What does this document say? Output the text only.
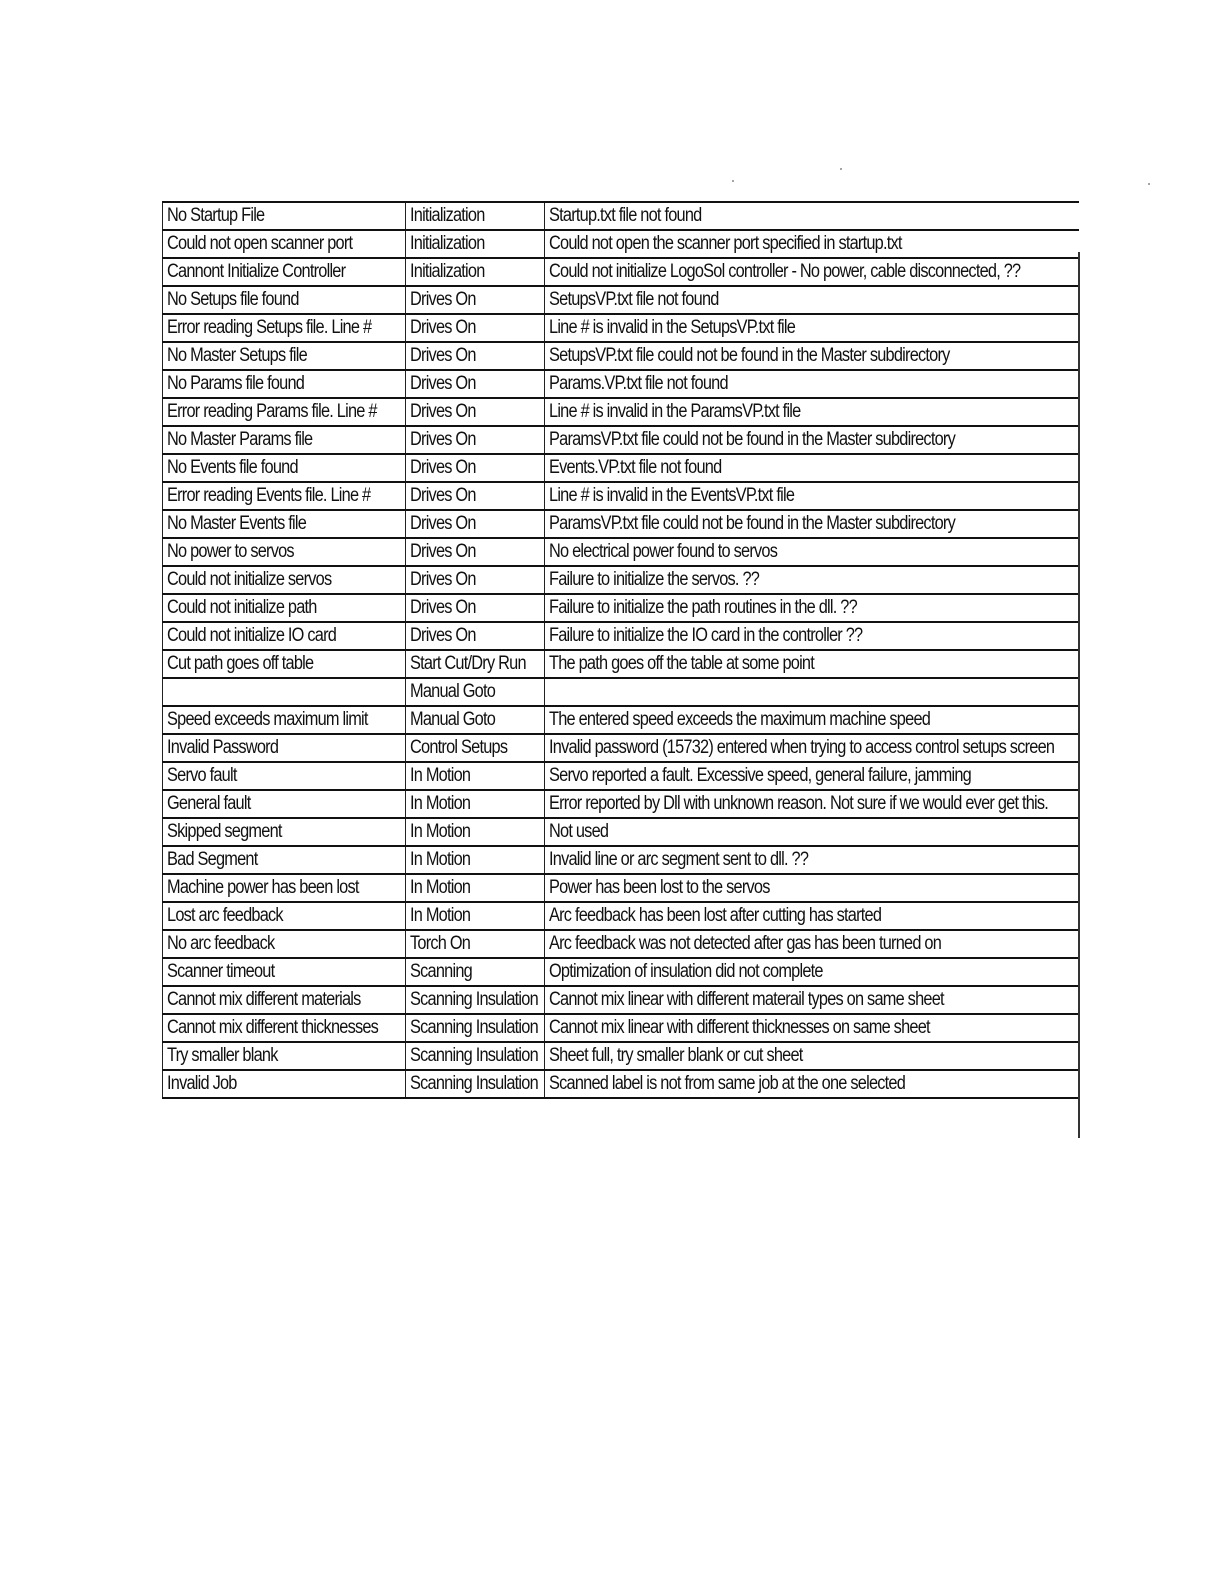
No Startup File	Initialization	Startup.txt file not found
Could not open scanner port	Initialization	Could not open the scanner port specified in startup.txt
Cannont Initialize Controller	Initialization	Could not initialize LogoSol controller - No power, cable disconnected, ??
No Setups file found	Drives On	SetupsVP.txt file not found
Error reading Setups file. Line #	Drives On	Line # is invalid in the SetupsVP.txt file
No Master Setups file	Drives On	SetupsVP.txt file could not be found in the Master subdirectory
No Params file found	Drives On	Params.VP.txt file not found
Error reading Params file. Line #	Drives On	Line # is invalid in the ParamsVP.txt file
No Master Params file	Drives On	ParamsVP.txt file could not be found in the Master subdirectory
No Events file found	Drives On	Events.VP.txt file not found
Error reading Events file. Line #	Drives On	Line # is invalid in the EventsVP.txt file
No Master Events file	Drives On	ParamsVP.txt file could not be found in the Master subdirectory
No power to servos	Drives On	No electrical power found to servos
Could not initialize servos	Drives On	Failure to initialize the servos. ??
Could not initialize path	Drives On	Failure to initialize the path routines in the dll. ??
Could not initialize IO card	Drives On	Failure to initialize the IO card in the controller ??
Cut path goes off table	Start Cut/Dry Run	The path goes off the table at some point
	Manual Goto	
Speed exceeds maximum limit	Manual Goto	The entered speed exceeds the maximum machine speed
Invalid Password	Control Setups	Invalid password (15732) entered when trying to access control setups screen
Servo fault	In Motion	Servo reported a fault. Excessive speed, general failure, jamming
General fault	In Motion	Error reported by Dll with unknown reason. Not sure if we would ever get this.
Skipped segment	In Motion	Not used
Bad Segment	In Motion	Invalid line or arc segment sent to dll. ??
Machine power has been lost	In Motion	Power has been lost to the servos
Lost arc feedback	In Motion	Arc feedback has been lost after cutting has started
No arc feedback	Torch On	Arc feedback was not detected after gas has been turned on
Scanner timeout	Scanning	Optimization of insulation did not complete
Cannot mix different materials	Scanning Insulation	Cannot mix linear with different materail types on same sheet
Cannot mix different thicknesses	Scanning Insulation	Cannot mix linear with different thicknesses on same sheet
Try smaller blank	Scanning Insulation	Sheet full, try smaller blank or cut sheet
Invalid Job	Scanning Insulation	Scanned label is not from same job at the one selected
